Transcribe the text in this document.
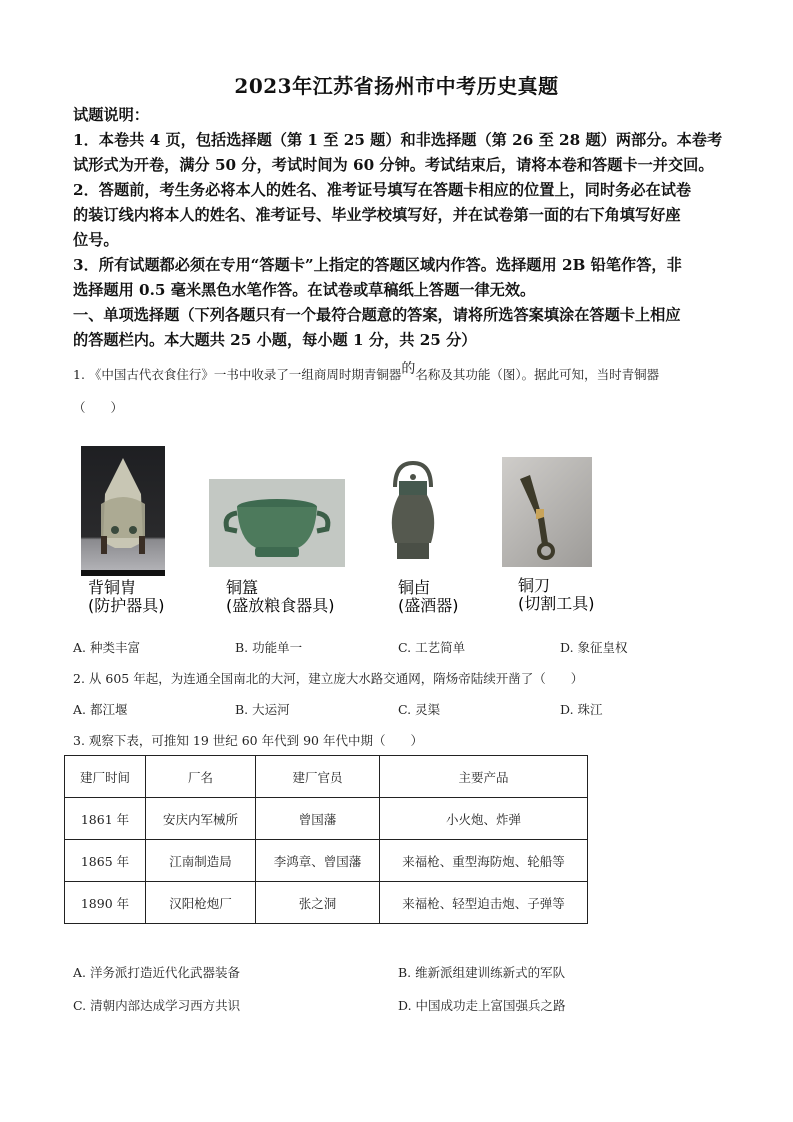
2023年江苏省扬州市中考历史真题
试题说明：
1．本卷共 4 页，包括选择题（第 1 至 25 题）和非选择题（第 26 至 28 题）两部分。本卷考
试形式为开卷，满分 50 分，考试时间为 60 分钟。考试结束后，请将本卷和答题卡一并交回。
2．答题前，考生务必将本人的姓名、准考证号填写在答题卡相应的位置上，同时务必在试卷
的装订线内将本人的姓名、准考证号、毕业学校填写好，并在试卷第一面的右下角填写好座
位号。
3．所有试题都必须在专用“答题卡”上指定的答题区域内作答。选择题用 2B 铅笔作答，非
选择题用 0.5 毫米黑色水笔作答。在试卷或草稿纸上答题一律无效。
一、单项选择题（下列各题只有一个最符合题意的答案，请将所选答案填涂在答题卡上相应
的答题栏内。本大题共 25 小题，每小题 1 分，共 25 分）
1. 《中国古代衣食住行》一书中收录了一组商周时期青铜器的名称及其功能（图）。据此可知，当时青铜器
（　　）
背铜胄
(防护器具)
铜簋
(盛放粮食器具)
铜卣
(盛酒器)
铜刀
(切割工具)
A. 种类丰富	B. 功能单一	C. 工艺简单	D. 象征皇权
2. 从 605 年起，为连通全国南北的大河，建立庞大水路交通网，隋炀帝陆续开凿了（　　）
A. 都江堰	B. 大运河	C. 灵渠	D. 珠江
3. 观察下表，可推知 19 世纪 60 年代到 90 年代中期（　　）
建厂时间	厂名	建厂官员	主要产品
1861 年	安庆内军械所	曾国藩	小火炮、炸弹
1865 年	江南制造局	李鸿章、曾国藩	来福枪、重型海防炮、轮船等
1890 年	汉阳枪炮厂	张之洞	来福枪、轻型迫击炮、子弹等
A. 洋务派打造近代化武器装备	B. 维新派组建训练新式的军队
C. 清朝内部达成学习西方共识	D. 中国成功走上富国强兵之路
